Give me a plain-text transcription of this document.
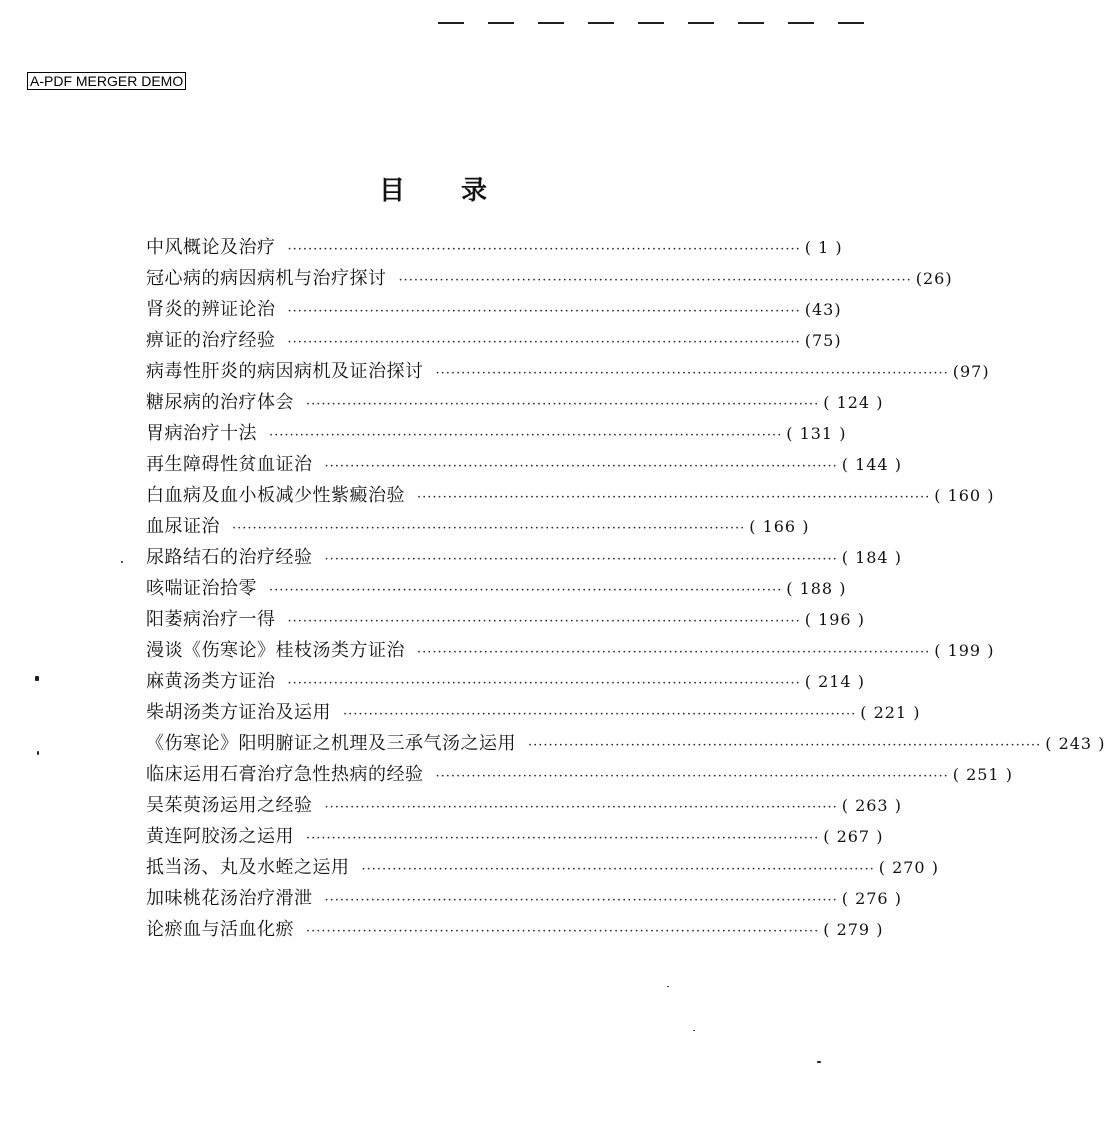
A-PDF MERGER DEMO
目录
中风概论及治疗 ···································································································· ( 1 )
冠心病的病因病机与治疗探讨 ···································································································· (26)
肾炎的辨证论治 ···································································································· (43)
痹证的治疗经验 ···································································································· (75)
病毒性肝炎的病因病机及证治探讨 ···································································································· (97)
糖尿病的治疗体会 ···································································································· ( 124 )
胃病治疗十法 ···································································································· ( 131 )
再生障碍性贫血证治 ···································································································· ( 144 )
白血病及血小板减少性紫癜治验 ···································································································· ( 160 )
血尿证治 ···································································································· ( 166 )
尿路结石的治疗经验 ···································································································· ( 184 )
咳喘证治拾零 ···································································································· ( 188 )
阳萎病治疗一得 ···································································································· ( 196 )
漫谈《伤寒论》桂枝汤类方证治 ···································································································· ( 199 )
麻黄汤类方证治 ···································································································· ( 214 )
柴胡汤类方证治及运用 ···································································································· ( 221 )
《伤寒论》阳明腑证之机理及三承气汤之运用 ···································································································· ( 243 )
临床运用石膏治疗急性热病的经验 ···································································································· ( 251 )
吴茱萸汤运用之经验 ···································································································· ( 263 )
黄连阿胶汤之运用 ···································································································· ( 267 )
抵当汤、丸及水蛭之运用 ···································································································· ( 270 )
加味桃花汤治疗滑泄 ···································································································· ( 276 )
论瘀血与活血化瘀 ···································································································· ( 279 )
